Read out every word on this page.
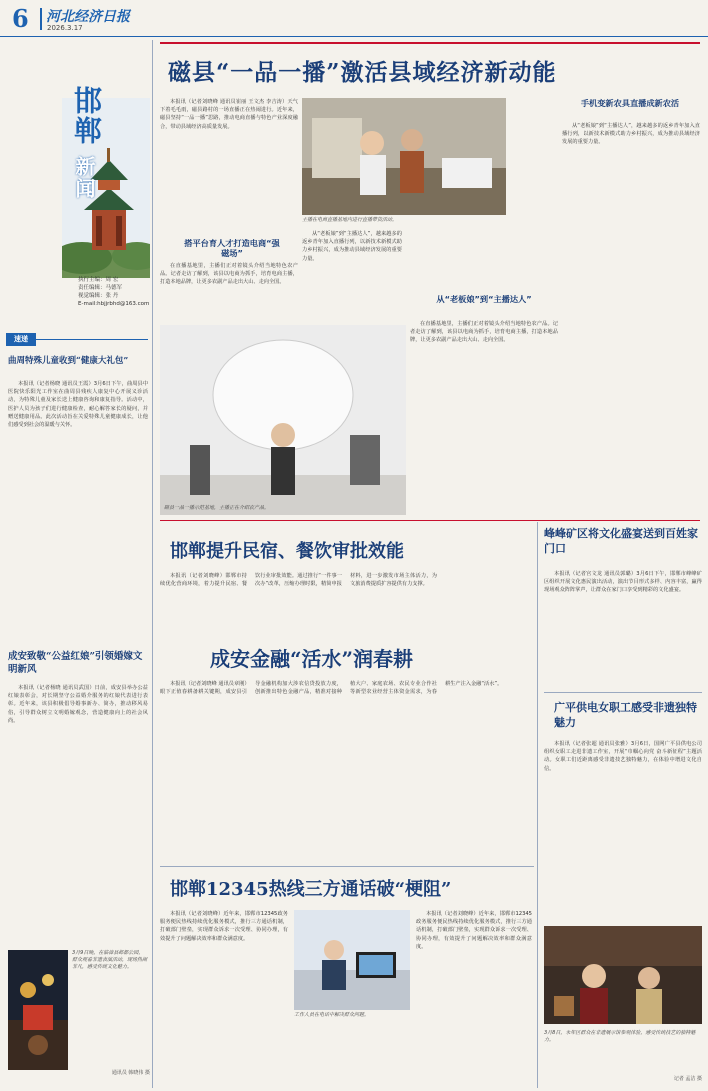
6 河北经济日报
2026.3.17
邯郸
新闻
执行主编：周 宏
责任编辑：马德军
视觉编辑：张 丹
E-mail:hbjjrbhd@163.com
速递
曲周特殊儿童收到“健康大礼包”

本报讯（记者杨晓 通讯员王霞）3月6日下午，曲周县中医院快乐阳光工作室在曲周县残疾人康复中心开展义诊活动，为特殊儿童及家长送上健康咨询和康复指导。活动中，医护人员为孩子们进行健康检查，耐心解答家长的疑问，并赠送健康用品。此次活动旨在关爱特殊儿童健康成长，让他们感受到社会的温暖与关怀。

成安致敬“公益红娘”引领婚嫁文明新风

本报讯（记者杨晓 通讯员武国）日前，成安县举办公益红娘表彰会，对长期坚守公益婚介服务的红娘代表进行表彰。近年来，该县积极倡导婚事新办、简办，推动移风易俗，引导群众树立文明婚嫁观念，营造健康向上的社会风尚。

3月9日晚，在临漳县邺都公园，群众观看非遗表演活动，现场热闹非凡，感受传统文化魅力。
通讯员 韩晓伟 摄
磁县“一品一播”激活县域经济新动能

本报讯（记者刘晓峰 通讯员崔丽 王文杰 李吉涛）天气下着毛毛雨，磁县路村的一场直播正在热闹进行。近年来，磁县坚持“一品一播”思路，推动电商直播与特色产业深度融合，带动县域经济高质量发展。

主播在电商直播基地内进行直播带货活动。
手机变新农具直播成新农活

从“老板娘”到“主播达人”，越来越多的返乡青年加入直播行列，以新技术新模式助力乡村振兴，成为推动县域经济发展的重要力量。

搭平台育人才打造电商“强磁场”

在直播基地里，主播们正对着镜头介绍当地特色农产品。记者走访了解到，该县以电商为抓手，培育电商主播，打造本地品牌，让更多农副产品走出大山、走向全国。

从“老板娘”到“主播达人”，越来越多的返乡青年加入直播行列，以新技术新模式助力乡村振兴，成为推动县域经济发展的重要力量。

从“老板娘”到“主播达人”

在直播基地里，主播们正对着镜头介绍当地特色农产品。记者走访了解到，该县以电商为抓手，培育电商主播，打造本地品牌，让更多农副产品走出大山、走向全国。

磁县一品一播示范基地，主播正在介绍农产品。
邯郸提升民宿、餐饮审批效能

本报讯（记者刘晓峰）邯郸市持续优化营商环境，着力提升民宿、餐饮行业审批效能。通过推行“一件事一次办”改革，压缩办理时限，精简申报材料，进一步激发市场主体活力，为文旅消费提质扩容提供有力支撑。

成安金融“活水”润春耕

本报讯（记者刘晓峰 通讯员章刚）眼下正值春耕备耕关键期，成安县引导金融机构加大涉农信贷投放力度，创新推出特色金融产品，精准对接种植大户、家庭农场、农民专业合作社等新型农业经营主体资金需求，为春耕生产注入金融“活水”。

邯郸12345热线三方通话破“梗阻”

本报讯（记者刘晓峰）近年来，邯郸市12345政务服务便民热线持续优化服务模式，推行三方通话机制，打破部门壁垒，实现群众诉求一次受理、协同办理，有效提升了问题解决效率和群众满意度。

工作人员在电话中解决群众问题。

本报讯（记者刘晓峰）近年来，邯郸市12345政务服务便民热线持续优化服务模式，推行三方通话机制，打破部门壁垒，实现群众诉求一次受理、协同办理，有效提升了问题解决效率和群众满意度。

峰峰矿区将文化盛宴送到百姓家门口

本报讯（记者宫文龙 通讯员郭璐）3月6日下午，邯郸市峰峰矿区组织开展文化惠民演出活动，演出节目形式多样、内容丰富，赢得现场观众阵阵掌声，让群众在家门口享受到精彩的文化盛宴。

广平供电女职工感受非遗独特魅力

本报讯（记者张超 通讯员张雅）3月6日，国网广平县供电公司组织女职工走进非遗工作室，开展“巾帼心向党 奋斗新征程”主题活动。女职工们近距离感受非遗技艺独特魅力，在体验中增进文化自信。

3月8日，永年区群众在非遗展示馆参观体验，感受传统技艺的独特魅力。
记者 孟洁 摄
